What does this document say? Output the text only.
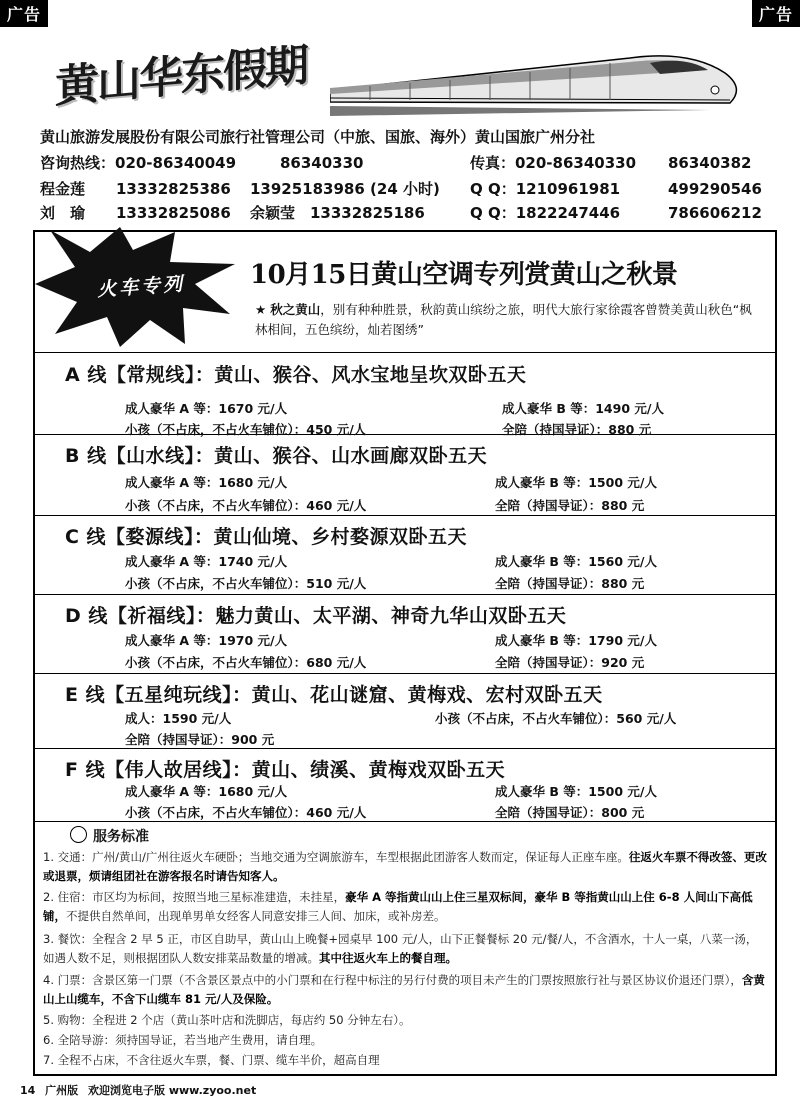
广告	广告
黄山华东假期
黄山旅游发展股份有限公司旅行社管理公司（中旅、国旅、海外）黄山国旅广州分社
咨询热线：020-86340049	86340330	传真：020-86340330 86340382
程金莲 13332825386 13925183986 (24 小时) Q Q：1210961981	499290546
刘　瑜 13332825086 余颖莹　13332825186	Q Q：1822247446	786606212
火车专列 10月15日黄山空调专列赏黄山之秋景
★ 秋之黄山，别有种种胜景，秋韵黄山缤纷之旅，明代大旅行家徐霞客曾赞美黄山秋色“枫林相间，五色缤纷，灿若图绣”
A 线【常规线】：黄山、猴谷、风水宝地呈坎双卧五天
成人豪华 A 等：1670 元/人	成人豪华 B 等：1490 元/人
小孩（不占床，不占火车铺位）：450 元/人	全陪（持国导证）：880 元
B 线【山水线】：黄山、猴谷、山水画廊双卧五天
成人豪华 A 等：1680 元/人	成人豪华 B 等：1500 元/人
小孩（不占床，不占火车铺位）：460 元/人	全陪（持国导证）：880 元
C 线【婺源线】：黄山仙境、乡村婺源双卧五天
成人豪华 A 等：1740 元/人	成人豪华 B 等：1560 元/人
小孩（不占床，不占火车铺位）：510 元/人	全陪（持国导证）：880 元
D 线【祈福线】：魅力黄山、太平湖、神奇九华山双卧五天
成人豪华 A 等：1970 元/人	成人豪华 B 等：1790 元/人
小孩（不占床，不占火车铺位）：680 元/人	全陪（持国导证）：920 元
E 线【五星纯玩线】：黄山、花山谜窟、黄梅戏、宏村双卧五天
成人：1590 元/人	小孩（不占床，不占火车铺位）：560 元/人
全陪（持国导证）：900 元
F 线【伟人故居线】：黄山、绩溪、黄梅戏双卧五天
成人豪华 A 等：1680 元/人	成人豪华 B 等：1500 元/人
小孩（不占床，不占火车铺位）：460 元/人	全陪（持国导证）：800 元
服务标准
1. 交通：广州/黄山/广州往返火车硬卧；当地交通为空调旅游车，车型根据此团游客人数而定，保证每人正座车座。往返火车票不得改签、更改或退票，烦请组团社在游客报名时请告知客人。
2. 住宿：市区均为标间，按照当地三星标准建造，未挂星，豪华 A 等指黄山山上住三星双标间，豪华 B 等指黄山山上住 6-8 人间山下高低铺，不提供自然单间，出现单男单女经客人同意安排三人间、加床，或补房差。
3. 餐饮：全程含 2 早 5 正，市区自助早，黄山山上晚餐+园桌早 100 元/人，山下正餐餐标 20 元/餐/人，不含酒水，十人一桌，八菜一汤，如遇人数不足，则根据团队人数安排菜品数量的增减。其中往返火车上的餐自理。
4. 门票：含景区第一门票（不含景区景点中的小门票和在行程中标注的另行付费的项目未产生的门票按照旅行社与景区协议价退还门票），含黄山上山缆车，不含下山缆车 81 元/人及保险。
5. 购物：全程进 2 个店（黄山茶叶店和洗脚店，每店约 50 分钟左右）。
6. 全陪导游：须持国导证，若当地产生费用，请自理。
7. 全程不占床，不含往返火车票，餐、门票、缆车半价，超高自理
14 广州版 欢迎浏览电子版 www.zyoo.net
